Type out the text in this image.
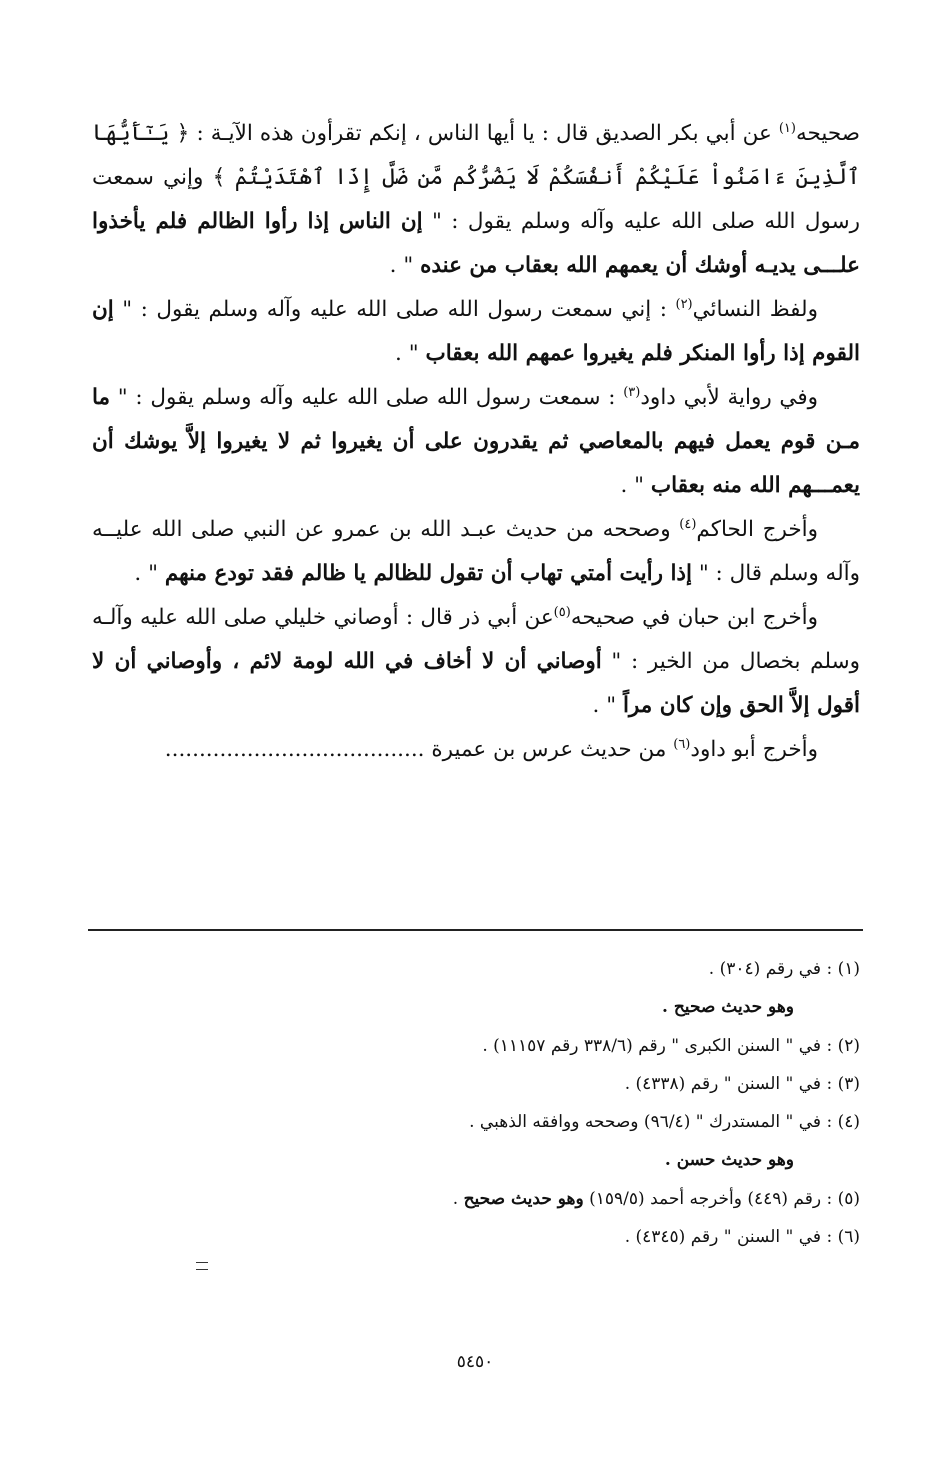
صحيحه$^{(١)}$ عن أبي بكر الصديق قال : يا أيها الناس ، إنكم تقرأون هذه الآيـة : ﴿ يَـٰٓأَيُّهَا ٱلَّذِينَ ءَامَنُواْ عَلَيْكُمْ أَنفُسَكُمْ لَا يَضُرُّكُم مَّن ضَلَّ إِذَا ٱهْتَدَيْتُمْ ﴾ وإني سمعت رسول الله صلى الله عليه وآله وسلم يقول : " إن الناس إذا رأوا الظالم فلم يأخذوا علـــى يديـه أوشك أن يعمهم الله بعقاب من عنده " .

ولفظ النسائي$^{(٢)}$ : إني سمعت رسول الله صلى الله عليه وآله وسلم يقول : " إن القوم إذا رأوا المنكر فلم يغيروا عمهم الله بعقاب " .

وفي رواية لأبي داود$^{(٣)}$ : سمعت رسول الله صلى الله عليه وآله وسلم يقول : " ما مـن قوم يعمل فيهم بالمعاصي ثم يقدرون على أن يغيروا ثم لا يغيروا إلاَّ يوشك أن يعمـــهم الله منه بعقاب " .

وأخرج الحاكم$^{(٤)}$ وصححه من حديث عبـد الله بن عمرو عن النبي صلى الله عليــه وآله وسلم قال : " إذا رأيت أمتي تهاب أن تقول للظالم يا ظالم فقد تودع منهم " .

وأخرج ابن حبان في صحيحه$^{(٥)}$عن أبي ذر قال : أوصاني خليلي صلى الله عليه وآلـه وسلم بخصال من الخير : " أوصاني أن لا أخاف في الله لومة لائم ، وأوصاني أن لا أقول إلاَّ الحق وإن كان مراً " .

وأخرج أبو داود$^{(٦)}$ من حديث عرس بن عميرة ......................................

(١) : في رقم (٣٠٤) .
وهو حديث صحيح .
(٢) : في " السنن الكبرى " رقم (٣٣٨/٦ رقم ١١١٥٧) .
(٣) : في " السنن " رقم (٤٣٣٨) .
(٤) : في " المستدرك " (٩٦/٤) وصححه ووافقه الذهبي .
وهو حديث حسن .
(٥) : رقم (٤٤٩) وأخرجه أحمد (١٥٩/٥) وهو حديث صحيح .
(٦) : في " السنن " رقم (٤٣٤٥) .
٥٤٥٠
